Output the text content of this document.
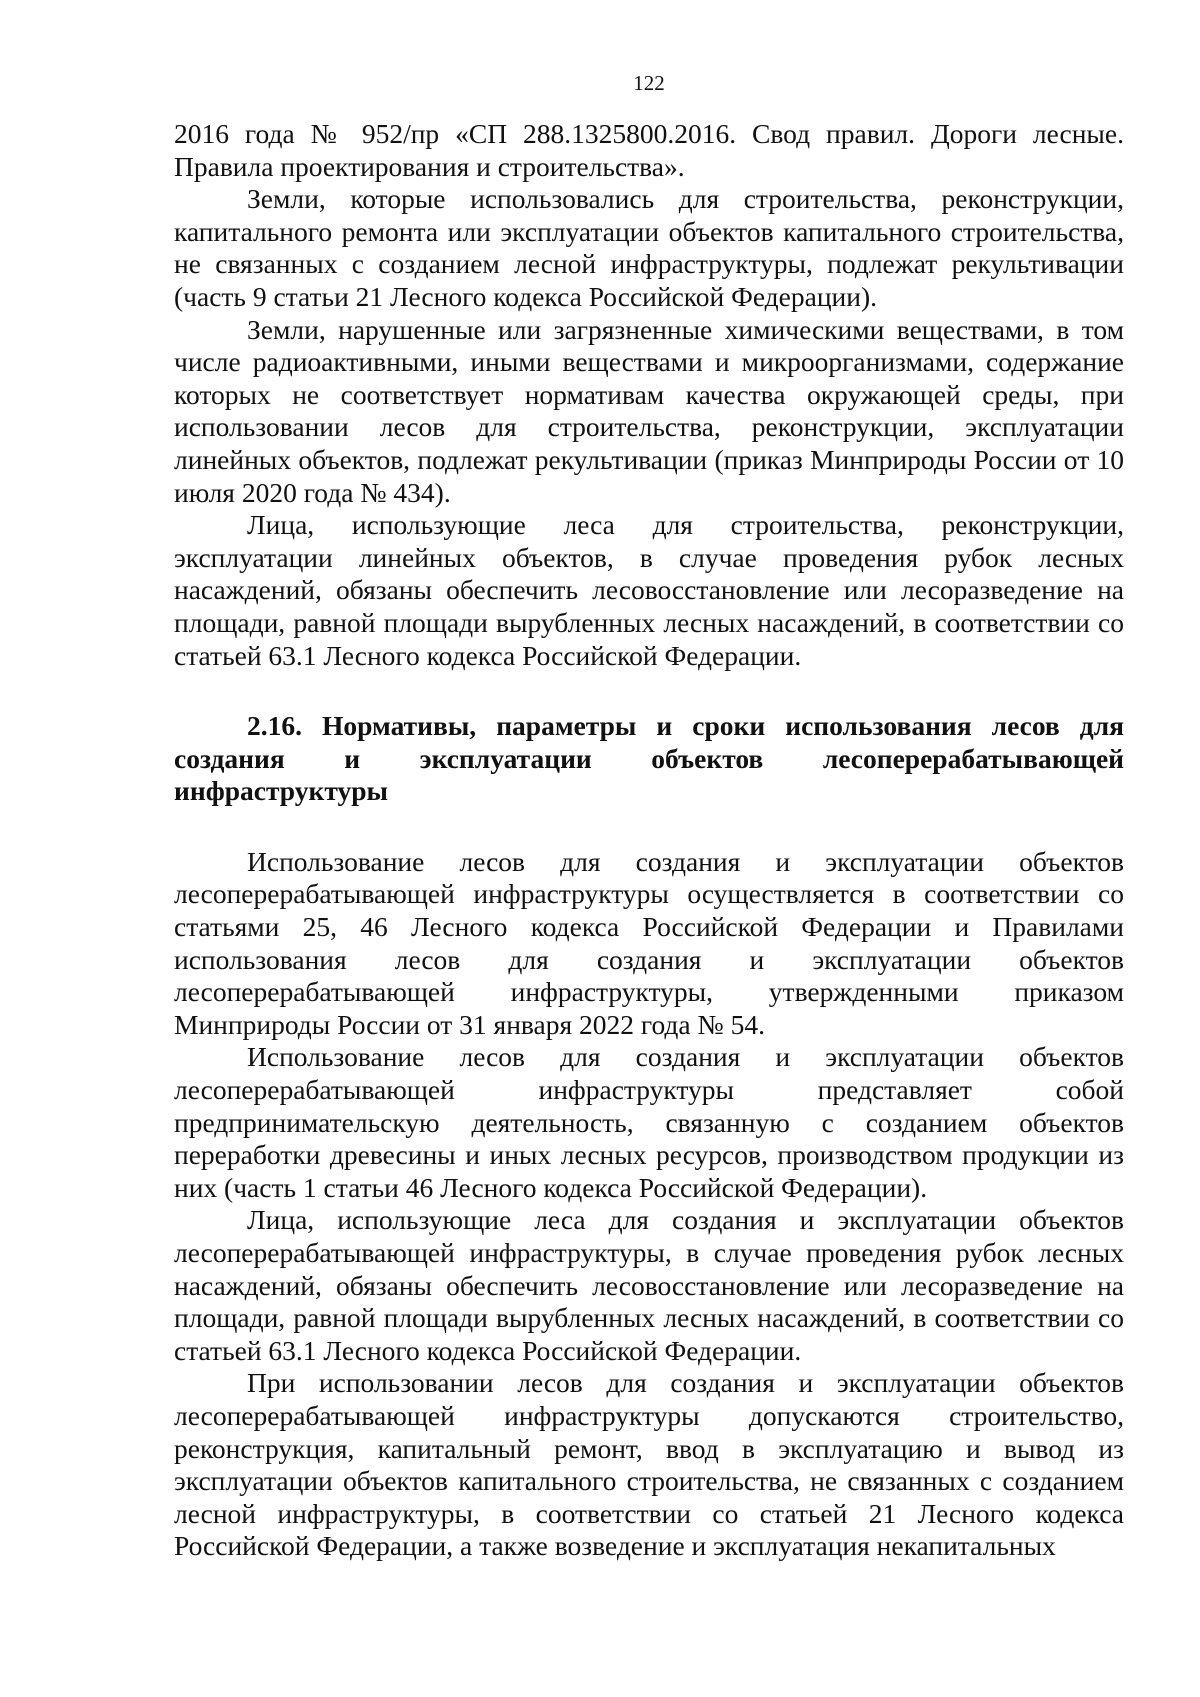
122

2016 года № 952/пр «СП 288.1325800.2016. Свод правил. Дороги лесные. Правила проектирования и строительства».

Земли, которые использовались для строительства, реконструкции, капитального ремонта или эксплуатации объектов капитального строительства, не связанных с созданием лесной инфраструктуры, подлежат рекультивации (часть 9 статьи 21 Лесного кодекса Российской Федерации).

Земли, нарушенные или загрязненные химическими веществами, в том числе радиоактивными, иными веществами и микроорганизмами, содержание которых не соответствует нормативам качества окружающей среды, при использовании лесов для строительства, реконструкции, эксплуатации линейных объектов, подлежат рекультивации (приказ Минприроды России от 10 июля 2020 года № 434).

Лица, использующие леса для строительства, реконструкции, эксплуатации линейных объектов, в случае проведения рубок лесных насаждений, обязаны обеспечить лесовосстановление или лесоразведение на площади, равной площади вырубленных лесных насаждений, в соответствии со статьей 63.1 Лесного кодекса Российской Федерации.

2.16. Нормативы, параметры и сроки использования лесов для создания и эксплуатации объектов лесоперерабатывающей инфраструктуры

Использование лесов для создания и эксплуатации объектов лесоперерабатывающей инфраструктуры осуществляется в соответствии со статьями 25, 46 Лесного кодекса Российской Федерации и Правилами использования лесов для создания и эксплуатации объектов лесоперерабатывающей инфраструктуры, утвержденными приказом Минприроды России от 31 января 2022 года № 54.

Использование лесов для создания и эксплуатации объектов лесоперерабатывающей инфраструктуры представляет собой предпринимательскую деятельность, связанную с созданием объектов переработки древесины и иных лесных ресурсов, производством продукции из них (часть 1 статьи 46 Лесного кодекса Российской Федерации).

Лица, использующие леса для создания и эксплуатации объектов лесоперерабатывающей инфраструктуры, в случае проведения рубок лесных насаждений, обязаны обеспечить лесовосстановление или лесоразведение на площади, равной площади вырубленных лесных насаждений, в соответствии со статьей 63.1 Лесного кодекса Российской Федерации.

При использовании лесов для создания и эксплуатации объектов лесоперерабатывающей инфраструктуры допускаются строительство, реконструкция, капитальный ремонт, ввод в эксплуатацию и вывод из эксплуатации объектов капитального строительства, не связанных с созданием лесной инфраструктуры, в соответствии со статьей 21 Лесного кодекса Российской Федерации, а также возведение и эксплуатация некапитальных
